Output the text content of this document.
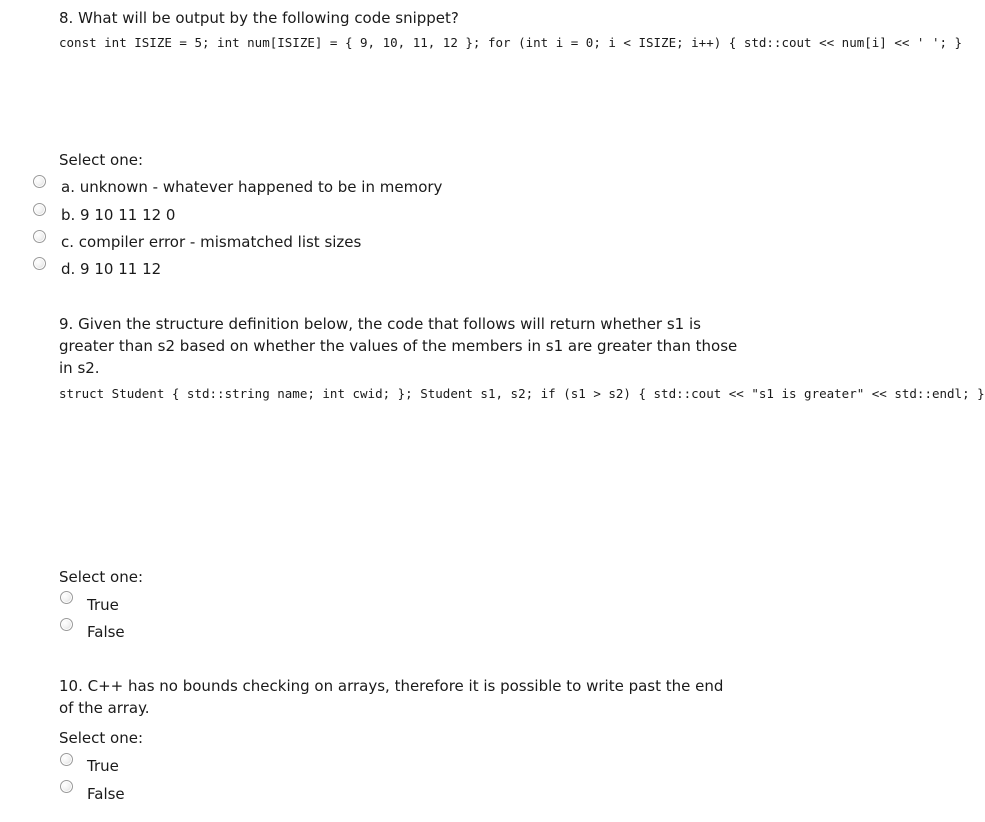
8. What will be output by the following code snippet?
const int ISIZE = 5; int num[ISIZE] = { 9, 10, 11, 12 }; for (int i = 0; i < ISIZE; i++) { std::cout << num[i] << ' '; }
Select one:
a. unknown - whatever happened to be in memory
b. 9 10 11 12 0
c. compiler error - mismatched list sizes
d. 9 10 11 12
9. Given the structure definition below, the code that follows will return whether s1 is greater than s2 based on whether the values of the members in s1 are greater than those in s2.
struct Student { std::string name; int cwid; }; Student s1, s2; if (s1 > s2) { std::cout << "s1 is greater" << std::endl; }
Select one:
True
False
10. C++ has no bounds checking on arrays, therefore it is possible to write past the end of the array.
Select one:
True
False
